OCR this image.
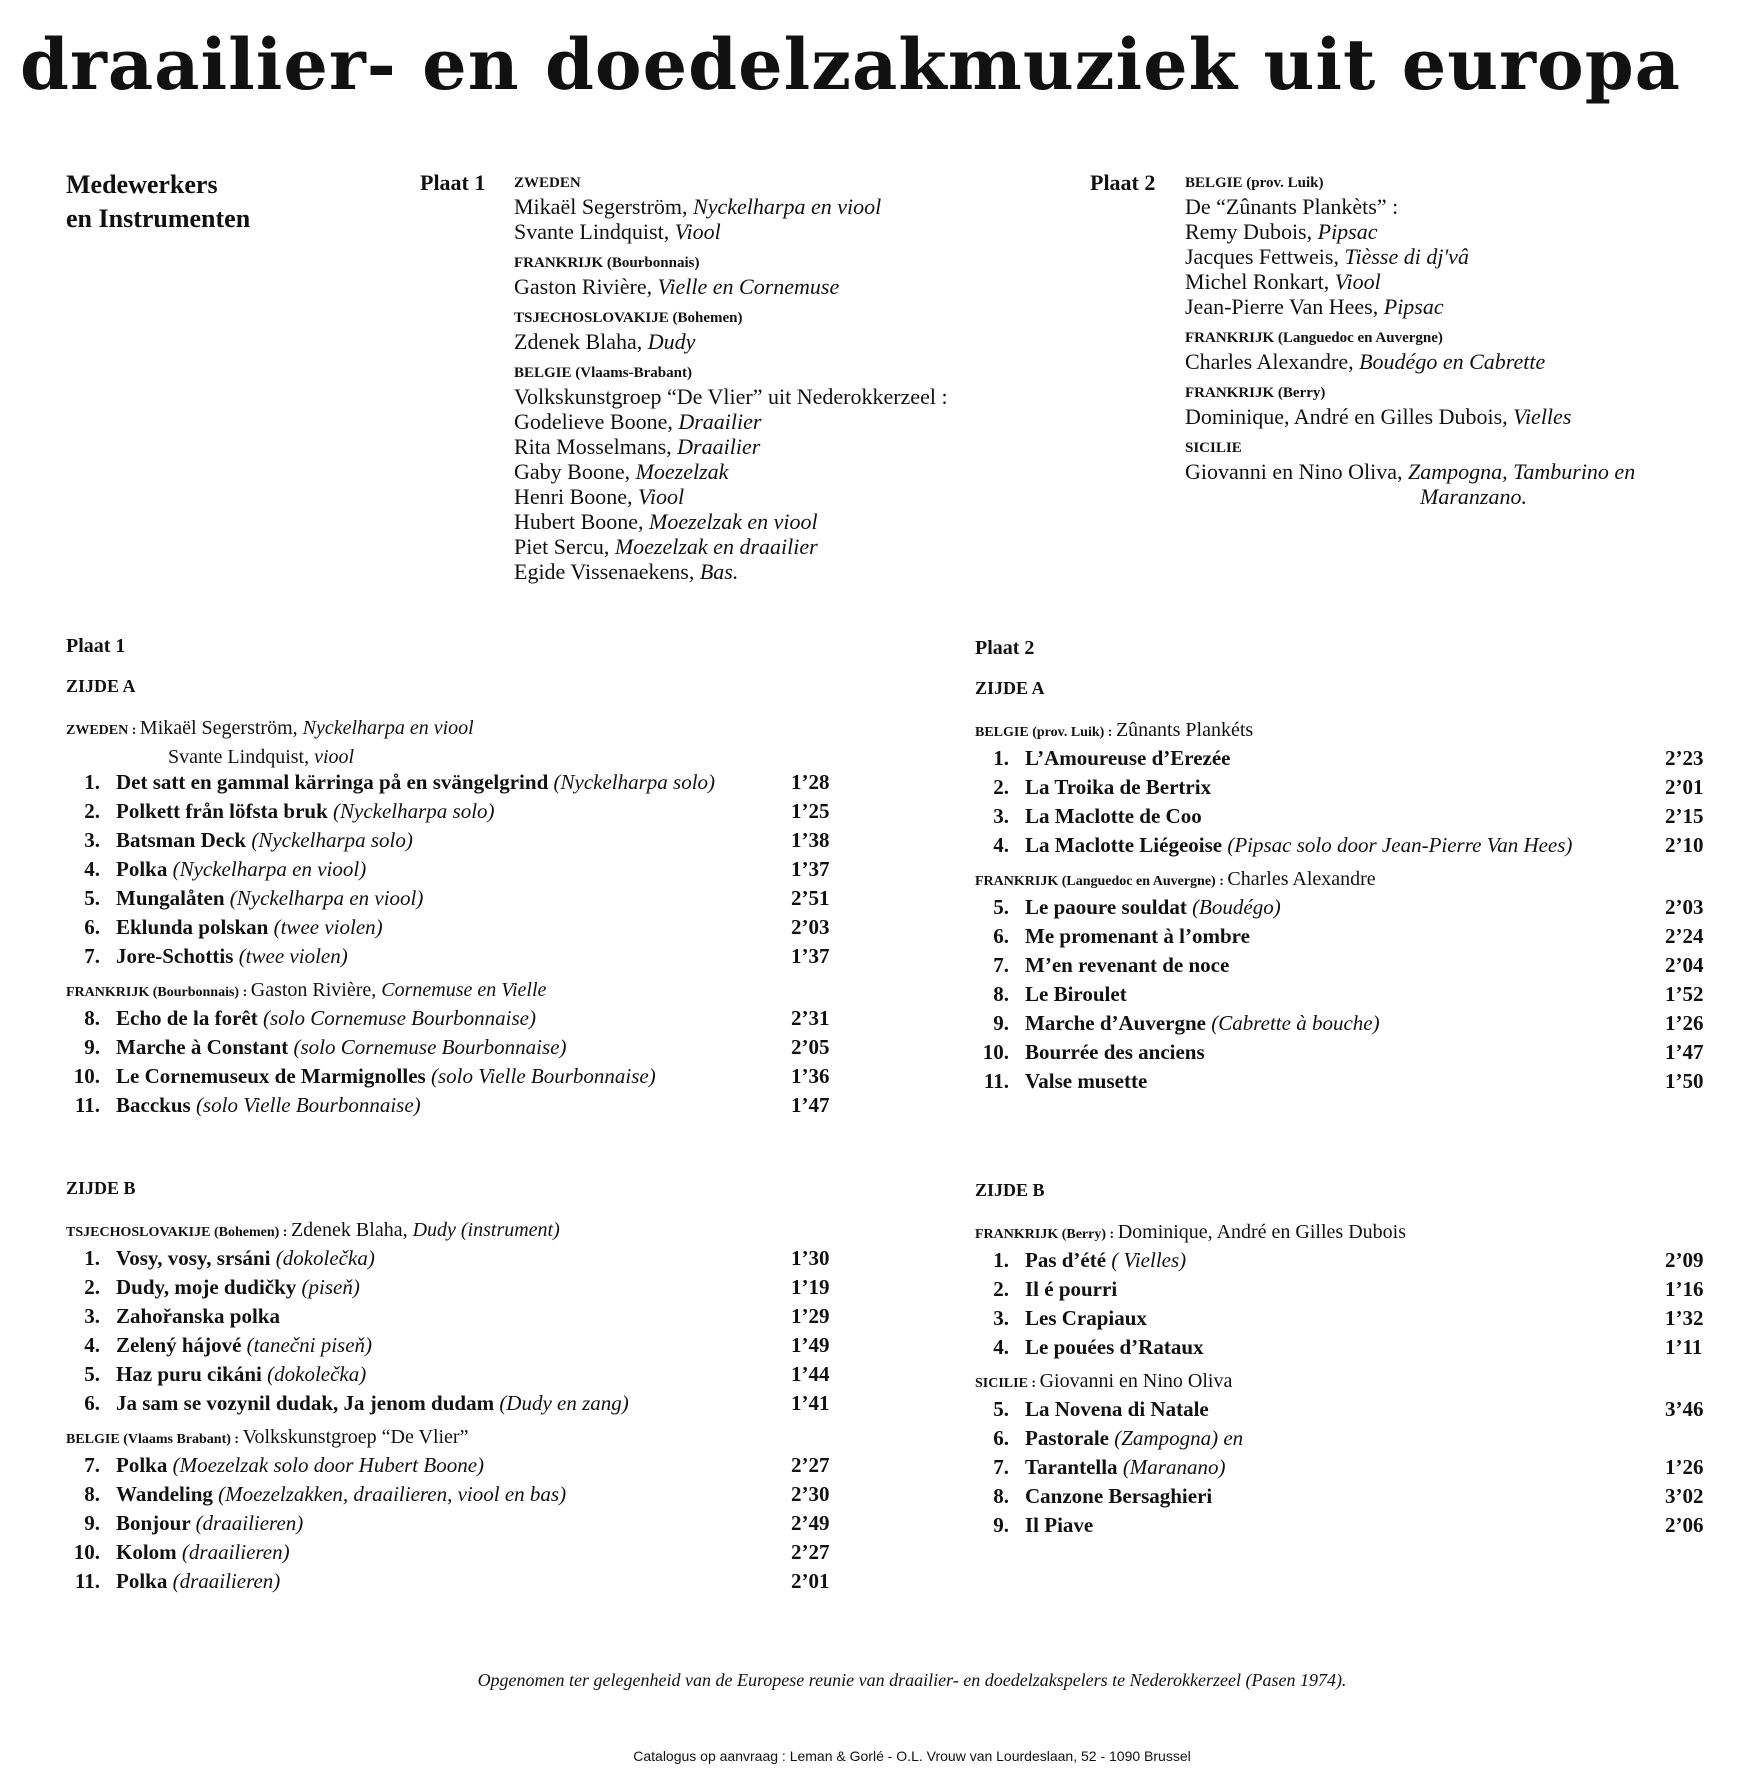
draailier- en doedelzakmuziek uit europa
Medewerkers
en Instrumenten
Plaat 1	Plaat 2
ZWEDEN
Mikaël Segerström, Nyckelharpa en viool
Svante Lindquist, Viool
FRANKRIJK (Bourbonnais)
Gaston Rivière, Vielle en Cornemuse
TSJECHOSLOVAKIJE (Bohemen)
Zdenek Blaha, Dudy
BELGIE (Vlaams-Brabant)
Volkskunstgroep “De Vlier” uit Nederokkerzeel :
Godelieve Boone, Draailier
Rita Mosselmans, Draailier
Gaby Boone, Moezelzak
Henri Boone, Viool
Hubert Boone, Moezelzak en viool
Piet Sercu, Moezelzak en draailier
Egide Vissenaekens, Bas.
BELGIE (prov. Luik)
De “Zûnants Plankèts” :
Remy Dubois, Pipsac
Jacques Fettweis, Tièsse di dj'vâ
Michel Ronkart, Viool
Jean-Pierre Van Hees, Pipsac
FRANKRIJK (Languedoc en Auvergne)
Charles Alexandre, Boudégo en Cabrette
FRANKRIJK (Berry)
Dominique, André en Gilles Dubois, Vielles
SICILIE
Giovanni en Nino Oliva, Zampogna, Tamburino en
Maranzano.
Plaat 1
ZIJDE A
ZWEDEN : Mikaël Segerström, Nyckelharpa en viool
Svante Lindquist, viool
1. Det satt en gammal kärringa på en svängelgrind (Nyckelharpa solo)	1’28
2. Polkett från löfsta bruk (Nyckelharpa solo)	1’25
3. Batsman Deck (Nyckelharpa solo)	1’38
4. Polka (Nyckelharpa en viool)	1’37
5. Mungalåten (Nyckelharpa en viool)	2’51
6. Eklunda polskan (twee violen)	2’03
7. Jore-Schottis (twee violen)	1’37
FRANKRIJK (Bourbonnais) : Gaston Rivière, Cornemuse en Vielle
8. Echo de la forêt (solo Cornemuse Bourbonnaise)	2’31
9. Marche à Constant (solo Cornemuse Bourbonnaise)	2’05
10. Le Cornemuseux de Marmignolles (solo Vielle Bourbonnaise)	1’36
11. Bacckus (solo Vielle Bourbonnaise)	1’47
ZIJDE B
TSJECHOSLOVAKIJE (Bohemen) : Zdenek Blaha, Dudy (instrument)
1. Vosy, vosy, srsáni (dokolečka)	1’30
2. Dudy, moje dudičky (piseň)	1’19
3. Zahořanska polka	1’29
4. Zelený hájové (tanečni piseň)	1’49
5. Haz puru cikáni (dokolečka)	1’44
6. Ja sam se vozynil dudak, Ja jenom dudam (Dudy en zang)	1’41
BELGIE (Vlaams Brabant) : Volkskunstgroep “De Vlier”
7. Polka (Moezelzak solo door Hubert Boone)	2’27
8. Wandeling (Moezelzakken, draailieren, viool en bas)	2’30
9. Bonjour (draailieren)	2’49
10. Kolom (draailieren)	2’27
11. Polka (draailieren)	2’01
Plaat 2
ZIJDE A
BELGIE (prov. Luik) : Zûnants Plankéts
1. L’Amoureuse d’Erezée	2’23
2. La Troika de Bertrix	2’01
3. La Maclotte de Coo	2’15
4. La Maclotte Liégeoise (Pipsac solo door Jean-Pierre Van Hees)	2’10
FRANKRIJK (Languedoc en Auvergne) : Charles Alexandre
5. Le paoure souldat (Boudégo)	2’03
6. Me promenant à l’ombre	2’24
7. M’en revenant de noce	2’04
8. Le Biroulet	1’52
9. Marche d’Auvergne (Cabrette à bouche)	1’26
10. Bourrée des anciens	1’47
11. Valse musette	1’50
ZIJDE B
FRANKRIJK (Berry) : Dominique, André en Gilles Dubois
1. Pas d’été ( Vielles)	2’09
2. Il é pourri	1’16
3. Les Crapiaux	1’32
4. Le pouées d’Rataux	1’11
SICILIE : Giovanni en Nino Oliva
5. La Novena di Natale	3’46
6. Pastorale (Zampogna) en
7. Tarantella (Maranano)	1’26
8. Canzone Bersaghieri	3’02
9. Il Piave	2’06
Opgenomen ter gelegenheid van de Europese reunie van draailier- en doedelzakspelers te Nederokkerzeel (Pasen 1974).
Catalogus op aanvraag : Leman & Gorlé - O.L. Vrouw van Lourdeslaan, 52 - 1090 Brussel
